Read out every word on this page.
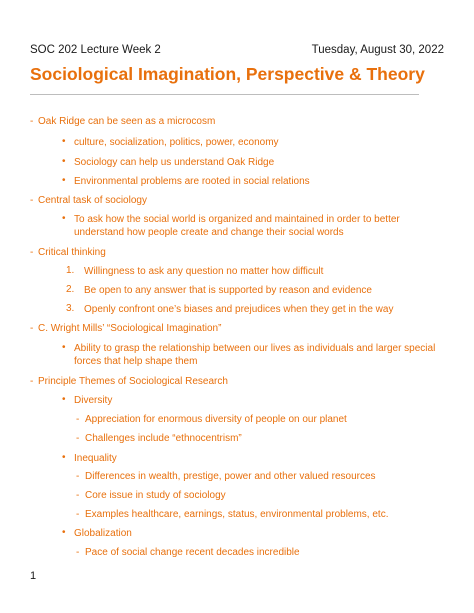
SOC 202 Lecture Week 2	Tuesday, August 30, 2022
Sociological Imagination, Perspective & Theory
- Oak Ridge can be seen as a microcosm
• culture, socialization, politics, power, economy
• Sociology can help us understand Oak Ridge
• Environmental problems are rooted in social relations
- Central task of sociology
• To ask how the social world is organized and maintained in order to better
understand how people create and change their social words
- Critical thinking
1. Willingness to ask any question no matter how difficult
2. Be open to any answer that is supported by reason and evidence
3. Openly confront one’s biases and prejudices when they get in the way
- C. Wright Mills’ “Sociological Imagination”
• Ability to grasp the relationship between our lives as individuals and larger special
forces that help shape them
- Principle Themes of Sociological Research
• Diversity
- Appreciation for enormous diversity of people on our planet
- Challenges include “ethnocentrism”
• Inequality
- Differences in wealth, prestige, power and other valued resources
- Core issue in study of sociology
- Examples healthcare, earnings, status, environmental problems, etc.
• Globalization
- Pace of social change recent decades incredible
1
